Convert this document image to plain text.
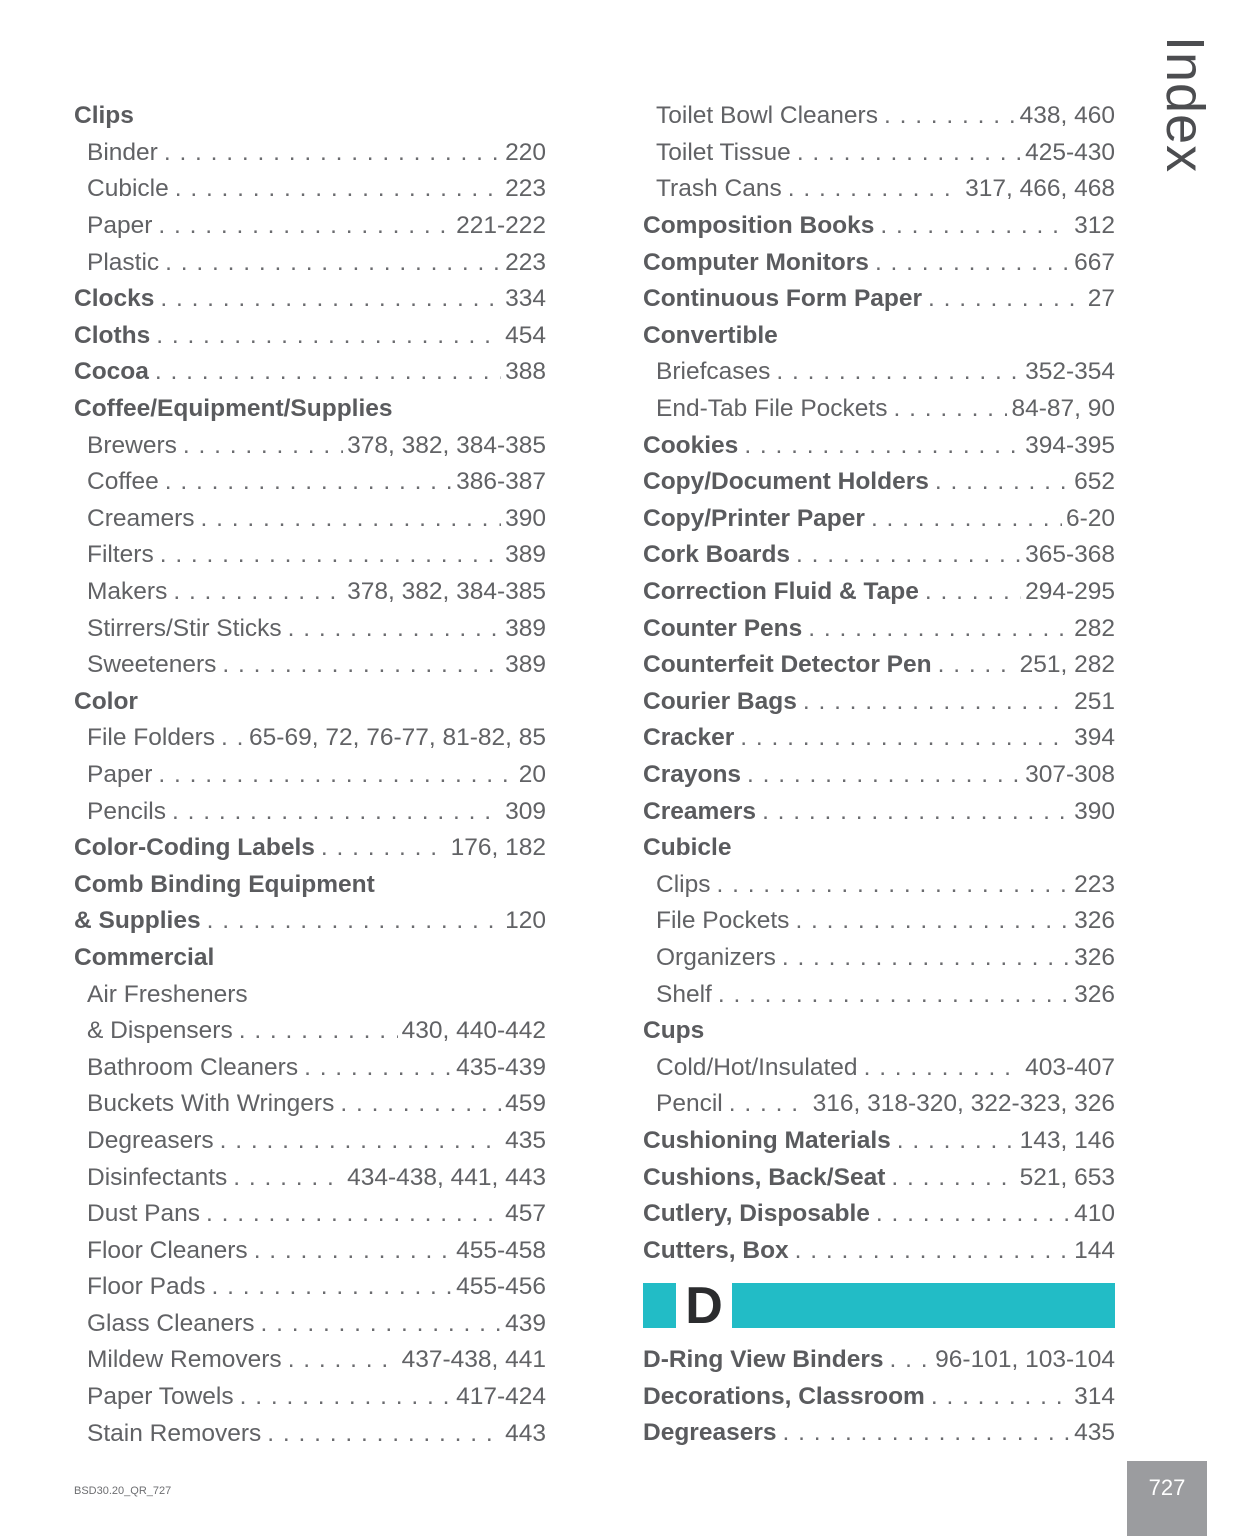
Index
Clips
Binder . . .	220
Cubicle . . .	223
Paper . . .	221-222
Plastic . . .	223
Clocks . . .	334
Cloths . . .	454
Cocoa . . .	388
Coffee/Equipment/Supplies
Brewers . . .	378, 382, 384-385
Coffee . . .	386-387
Creamers . . .	390
Filters . . .	389
Makers . . .	378, 382, 384-385
Stirrers/Stir Sticks . . .	389
Sweeteners . . .	389
Color
File Folders . . . 65-69, 72, 76-77, 81-82, 85
Paper . . .	20
Pencils . . .	309
Color-Coding Labels . . .	176, 182
Comb Binding Equipment
& Supplies . . .	120
Commercial
Air Fresheners
& Dispensers . . .	430, 440-442
Bathroom Cleaners . . .	435-439
Buckets With Wringers . . .	459
Degreasers . . .	435
Disinfectants . . .	434-438, 441, 443
Dust Pans . . .	457
Floor Cleaners . . .	455-458
Floor Pads . . .	455-456
Glass Cleaners . . .	439
Mildew Removers . . .	437-438, 441
Paper Towels . . .	417-424
Stain Removers . . .	443
Toilet Bowl Cleaners . . .	438, 460
Toilet Tissue . . .	425-430
Trash Cans . . .	317, 466, 468
Composition Books . . .	312
Computer Monitors . . .	667
Continuous Form Paper . . .	27
Convertible
Briefcases . . .	352-354
End-Tab File Pockets . . .	84-87, 90
Cookies . . .	394-395
Copy/Document Holders . . .	652
Copy/Printer Paper . . .	6-20
Cork Boards . . .	365-368
Correction Fluid & Tape . . .	294-295
Counter Pens . . .	282
Counterfeit Detector Pen . . .	251, 282
Courier Bags . . .	251
Cracker . . .	394
Crayons . . .	307-308
Creamers . . .	390
Cubicle
Clips . . .	223
File Pockets . . .	326
Organizers . . .	326
Shelf . . .	326
Cups
Cold/Hot/Insulated . . .	403-407
Pencil . . .	316, 318-320, 322-323, 326
Cushioning Materials . . .	143, 146
Cushions, Back/Seat . . .	521, 653
Cutlery, Disposable . . .	410
Cutters, Box . . .	144
D
D-Ring View Binders . . . 96-101, 103-104
Decorations, Classroom . . .	314
Degreasers . . .	435
BSD30.20_QR_727	727
